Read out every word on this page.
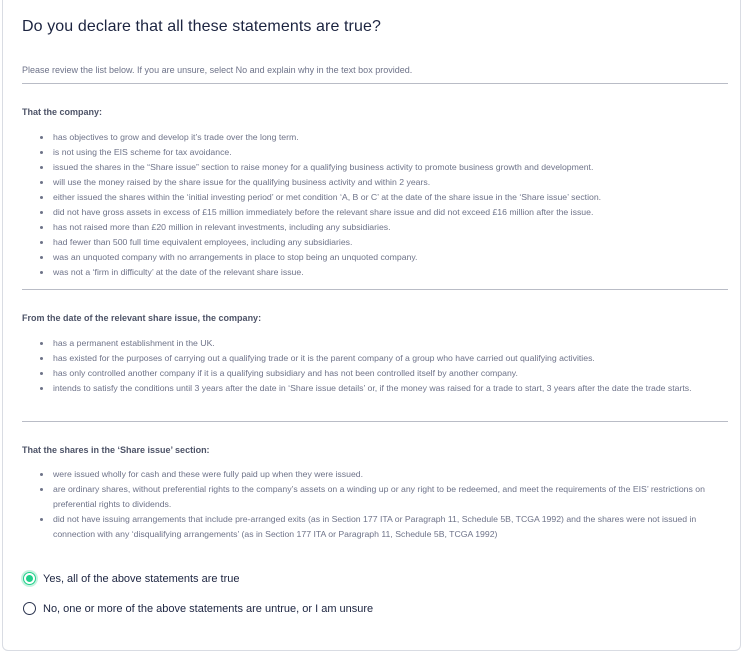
Do you declare that all these statements are true?
Please review the list below. If you are unsure, select No and explain why in the text box provided.
That the company:
has objectives to grow and develop it’s trade over the long term.
is not using the EIS scheme for tax avoidance.
issued the shares in the “Share issue” section to raise money for a qualifying business activity to promote business growth and development.
will use the money raised by the share issue for the qualifying business activity and within 2 years.
either issued the shares within the ‘initial investing period’ or met condition ‘A, B or C’ at the date of the share issue in the ‘Share issue’ section.
did not have gross assets in excess of £15 million immediately before the relevant share issue and did not exceed £16 million after the issue.
has not raised more than £20 million in relevant investments, including any subsidiaries.
had fewer than 500 full time equivalent employees, including any subsidiaries.
was an unquoted company with no arrangements in place to stop being an unquoted company.
was not a ‘firm in difficulty’ at the date of the relevant share issue.
From the date of the relevant share issue, the company:
has a permanent establishment in the UK.
has existed for the purposes of carrying out a qualifying trade or it is the parent company of a group who have carried out qualifying activities.
has only controlled another company if it is a qualifying subsidiary and has not been controlled itself by another company.
intends to satisfy the conditions until 3 years after the date in ‘Share issue details’ or, if the money was raised for a trade to start, 3 years after the date the trade starts.
That the shares in the ‘Share issue’ section:
were issued wholly for cash and these were fully paid up when they were issued.
are ordinary shares, without preferential rights to the company’s assets on a winding up or any right to be redeemed, and meet the requirements of the EIS’ restrictions on preferential rights to dividends.
did not have issuing arrangements that include pre-arranged exits (as in Section 177 ITA or Paragraph 11, Schedule 5B, TCGA 1992) and the shares were not issued in connection with any ‘disqualifying arrangements’ (as in Section 177 ITA or Paragraph 11, Schedule 5B, TCGA 1992)
Yes, all of the above statements are true
No, one or more of the above statements are untrue, or I am unsure
